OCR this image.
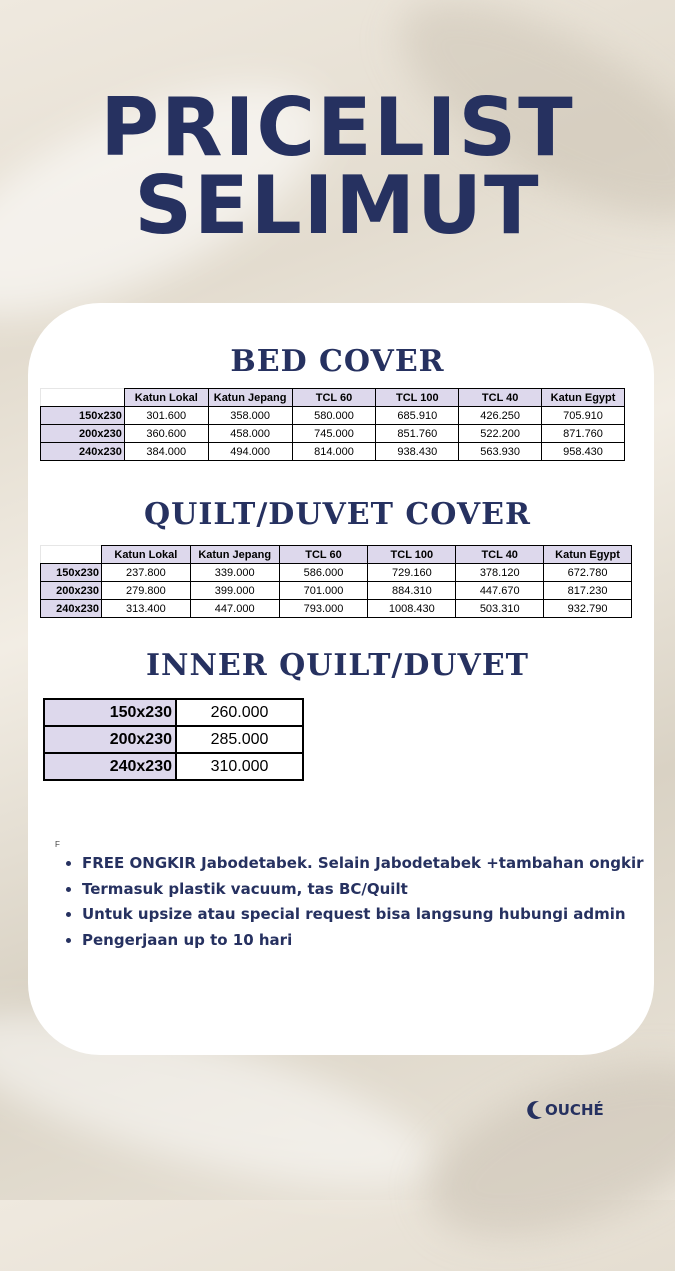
PRICELIST
SELIMUT
BED COVER
	Katun Lokal	Katun Jepang	TCL 60	TCL 100	TCL 40	Katun Egypt
150x230	301.600	358.000	580.000	685.910	426.250	705.910
200x230	360.600	458.000	745.000	851.760	522.200	871.760
240x230	384.000	494.000	814.000	938.430	563.930	958.430
QUILT/DUVET COVER
	Katun Lokal	Katun Jepang	TCL 60	TCL 100	TCL 40	Katun Egypt
150x230	237.800	339.000	586.000	729.160	378.120	672.780
200x230	279.800	399.000	701.000	884.310	447.670	817.230
240x230	313.400	447.000	793.000	1008.430	503.310	932.790
INNER QUILT/DUVET
150x230	260.000
200x230	285.000
240x230	310.000
F
• FREE ONGKIR Jabodetabek. Selain Jabodetabek +tambahan ongkir
• Termasuk plastik vacuum, tas BC/Quilt
• Untuk upsize atau special request bisa langsung hubungi admin
• Pengerjaan up to 10 hari
OUCHÉ
